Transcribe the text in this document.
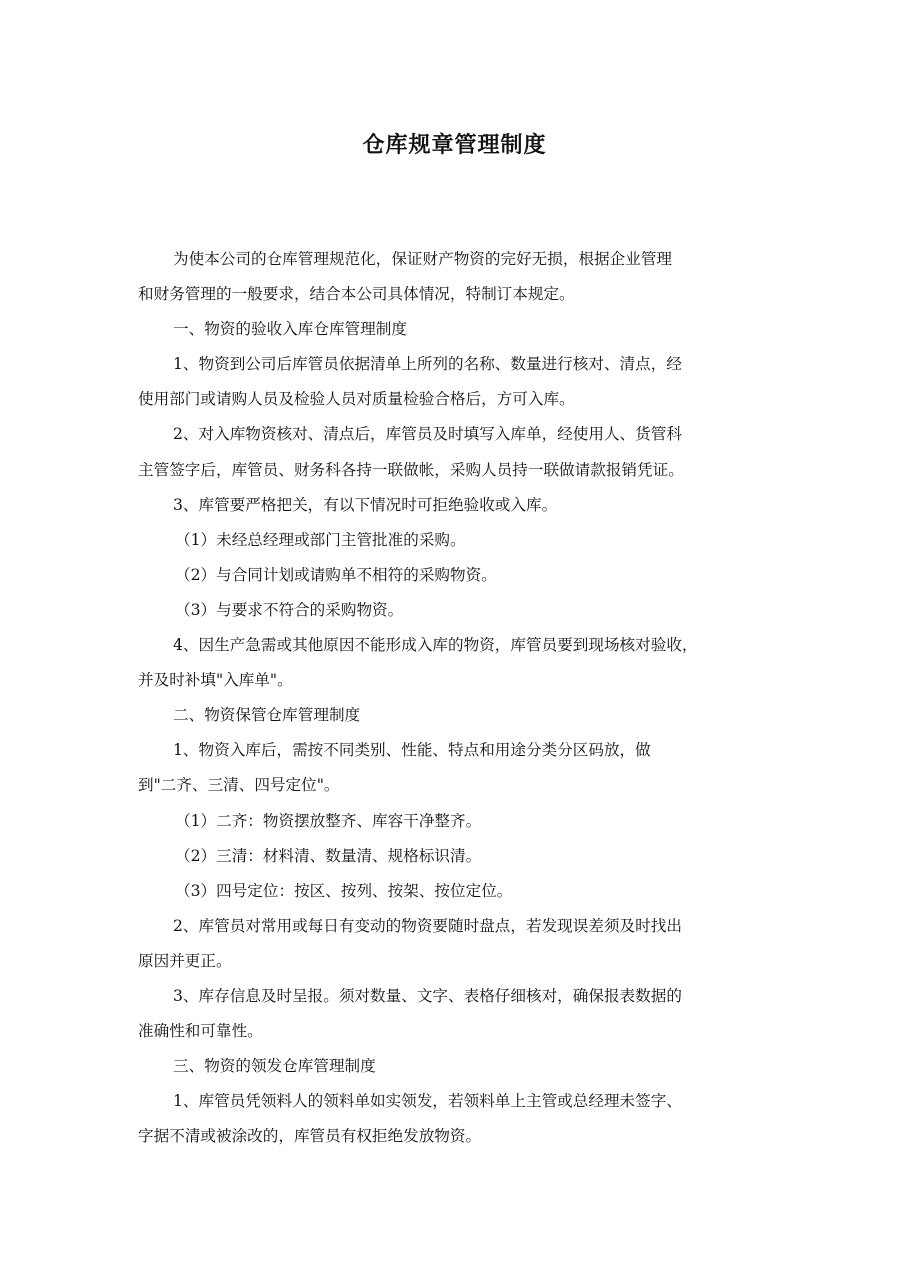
仓库规章管理制度
为使本公司的仓库管理规范化，保证财产物资的完好无损，根据企业管理
和财务管理的一般要求，结合本公司具体情况，特制订本规定。
一、物资的验收入库仓库管理制度
1、物资到公司后库管员依据清单上所列的名称、数量进行核对、清点，经
使用部门或请购人员及检验人员对质量检验合格后，方可入库。
2、对入库物资核对、清点后，库管员及时填写入库单，经使用人、货管科
主管签字后，库管员、财务科各持一联做帐，采购人员持一联做请款报销凭证。
3、库管要严格把关，有以下情况时可拒绝验收或入库。
（1）未经总经理或部门主管批准的采购。
（2）与合同计划或请购单不相符的采购物资。
（3）与要求不符合的采购物资。
4、因生产急需或其他原因不能形成入库的物资，库管员要到现场核对验收，
并及时补填"入库单"。
二、物资保管仓库管理制度
1、物资入库后，需按不同类别、性能、特点和用途分类分区码放，做
到"二齐、三清、四号定位"。
（1）二齐：物资摆放整齐、库容干净整齐。
（2）三清：材料清、数量清、规格标识清。
（3）四号定位：按区、按列、按架、按位定位。
2、库管员对常用或每日有变动的物资要随时盘点，若发现误差须及时找出
原因并更正。
3、库存信息及时呈报。须对数量、文字、表格仔细核对，确保报表数据的
准确性和可靠性。
三、物资的领发仓库管理制度
1、库管员凭领料人的领料单如实领发，若领料单上主管或总经理未签字、
字据不清或被涂改的，库管员有权拒绝发放物资。
